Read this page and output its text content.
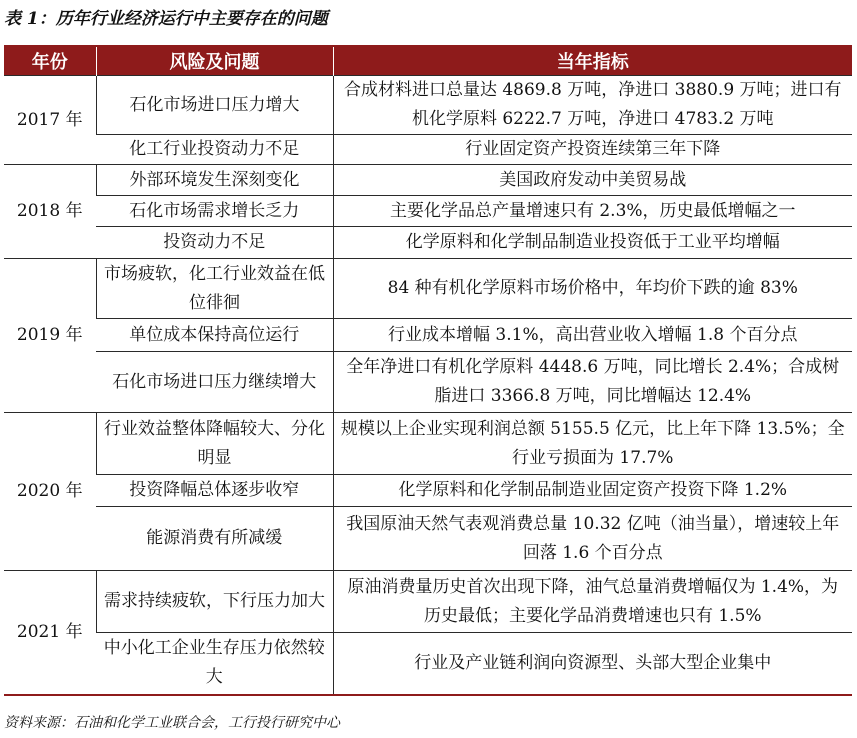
表 1：历年行业经济运行中主要存在的问题
年份	风险及问题	当年指标
2017 年	石化市场进口压力增大	合成材料进口总量达 4869.8 万吨，净进口 3880.9 万吨；进口有机化学原料 6222.7 万吨，净进口 4783.2 万吨
	化工行业投资动力不足	行业固定资产投资连续第三年下降
2018 年	外部环境发生深刻变化	美国政府发动中美贸易战
	石化市场需求增长乏力	主要化学品总产量增速只有 2.3%，历史最低增幅之一
	投资动力不足	化学原料和化学制品制造业投资低于工业平均增幅
2019 年	市场疲软，化工行业效益在低位徘徊	84 种有机化学原料市场价格中，年均价下跌的逾 83%
	单位成本保持高位运行	行业成本增幅 3.1%，高出营业收入增幅 1.8 个百分点
	石化市场进口压力继续增大	全年净进口有机化学原料 4448.6 万吨，同比增长 2.4%；合成树脂进口 3366.8 万吨，同比增幅达 12.4%
2020 年	行业效益整体降幅较大、分化明显	规模以上企业实现利润总额 5155.5 亿元，比上年下降 13.5%；全行业亏损面为 17.7%
	投资降幅总体逐步收窄	化学原料和化学制品制造业固定资产投资下降 1.2%
	能源消费有所减缓	我国原油天然气表观消费总量 10.32 亿吨（油当量），增速较上年回落 1.6 个百分点
2021 年	需求持续疲软，下行压力加大	原油消费量历史首次出现下降，油气总量消费增幅仅为 1.4%，为历史最低；主要化学品消费增速也只有 1.5%
	中小化工企业生存压力依然较大	行业及产业链利润向资源型、头部大型企业集中
资料来源：石油和化学工业联合会，工行投行研究中心
